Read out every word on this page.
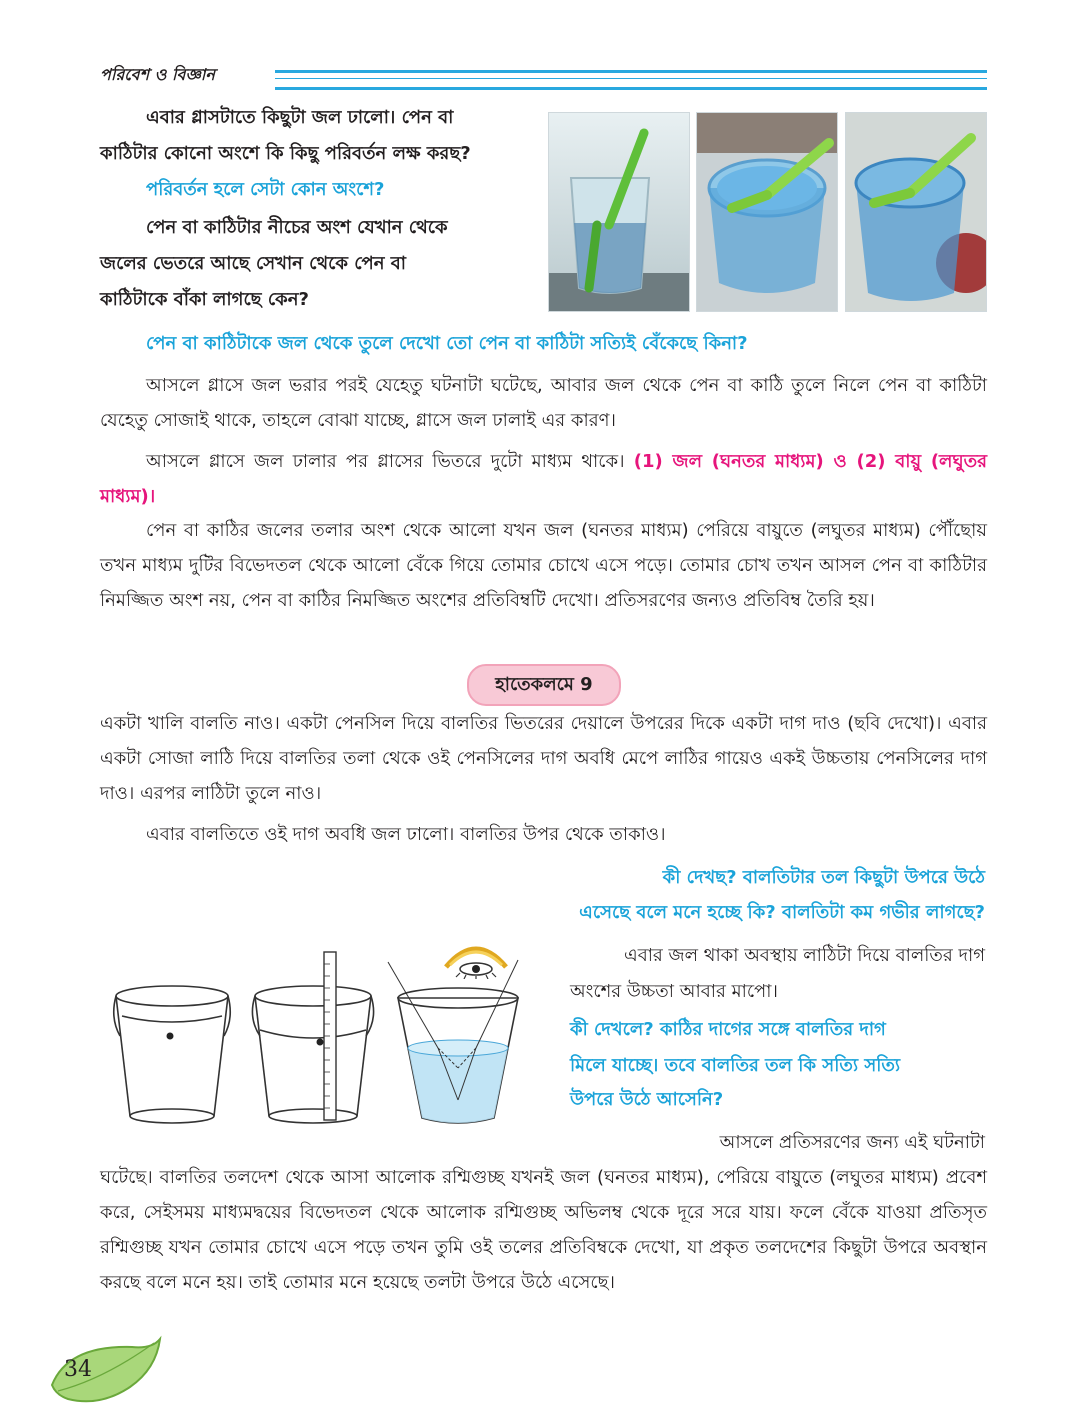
পরিবেশ ও বিজ্ঞান
এবার গ্লাসটাতে কিছুটা জল ঢালো। পেন বা
কাঠিটার কোনো অংশে কি কিছু পরিবর্তন লক্ষ করছ?
পরিবর্তন হলে সেটা কোন অংশে?
পেন বা কাঠিটার নীচের অংশ যেখান থেকে
জলের ভেতরে আছে সেখান থেকে পেন বা
কাঠিটাকে বাঁকা লাগছে কেন?
পেন বা কাঠিটাকে জল থেকে তুলে দেখো তো পেন বা কাঠিটা সত্যিই বেঁকেছে কিনা?
আসলে গ্লাসে জল ভরার পরই যেহেতু ঘটনাটা ঘটেছে, আবার জল থেকে পেন বা কাঠি তুলে নিলে পেন বা কাঠিটা যেহেতু সোজাই থাকে, তাহলে বোঝা যাচ্ছে, গ্লাসে জল ঢালাই এর কারণ।
আসলে গ্লাসে জল ঢালার পর গ্লাসের ভিতরে দুটো মাধ্যম থাকে। (1) জল (ঘনতর মাধ্যম) ও (2) বায়ু (লঘুতর মাধ্যম)।
পেন বা কাঠির জলের তলার অংশ থেকে আলো যখন জল (ঘনতর মাধ্যম) পেরিয়ে বায়ুতে (লঘুতর মাধ্যম) পৌঁছোয় তখন মাধ্যম দুটির বিভেদতল থেকে আলো বেঁকে গিয়ে তোমার চোখে এসে পড়ে। তোমার চোখ তখন আসল পেন বা কাঠিটার নিমজ্জিত অংশ নয়, পেন বা কাঠির নিমজ্জিত অংশের প্রতিবিম্বটি দেখো। প্রতিসরণের জন্যও প্রতিবিম্ব তৈরি হয়।
হাতেকলমে 9
একটা খালি বালতি নাও। একটা পেনসিল দিয়ে বালতির ভিতরের দেয়ালে উপরের দিকে একটা দাগ দাও (ছবি দেখো)। এবার একটা সোজা লাঠি দিয়ে বালতির তলা থেকে ওই পেনসিলের দাগ অবধি মেপে লাঠির গায়েও একই উচ্চতায় পেনসিলের দাগ দাও। এরপর লাঠিটা তুলে নাও।
এবার বালতিতে ওই দাগ অবধি জল ঢালো। বালতির উপর থেকে তাকাও।
কী দেখছ? বালতিটার তল কিছুটা উপরে উঠে
এসেছে বলে মনে হচ্ছে কি? বালতিটা কম গভীর লাগছে?
এবার জল থাকা অবস্থায় লাঠিটা দিয়ে বালতির দাগ
অংশের উচ্চতা আবার মাপো।
কী দেখলে? কাঠির দাগের সঙ্গে বালতির দাগ
মিলে যাচ্ছে। তবে বালতির তল কি সত্যি সত্যি
উপরে উঠে আসেনি?
আসলে প্রতিসরণের জন্য এই ঘটনাটা
ঘটেছে। বালতির তলদেশ থেকে আসা আলোক রশ্মিগুচ্ছ যখনই জল (ঘনতর মাধ্যম), পেরিয়ে বায়ুতে (লঘুতর মাধ্যম) প্রবেশ করে, সেইসময় মাধ্যমদ্বয়ের বিভেদতল থেকে আলোক রশ্মিগুচ্ছ অভিলম্ব থেকে দূরে সরে যায়। ফলে বেঁকে যাওয়া প্রতিসৃত রশ্মিগুচ্ছ যখন তোমার চোখে এসে পড়ে তখন তুমি ওই তলের প্রতিবিম্বকে দেখো, যা প্রকৃত তলদেশের কিছুটা উপরে অবস্থান করছে বলে মনে হয়। তাই তোমার মনে হয়েছে তলটা উপরে উঠে এসেছে।
34
